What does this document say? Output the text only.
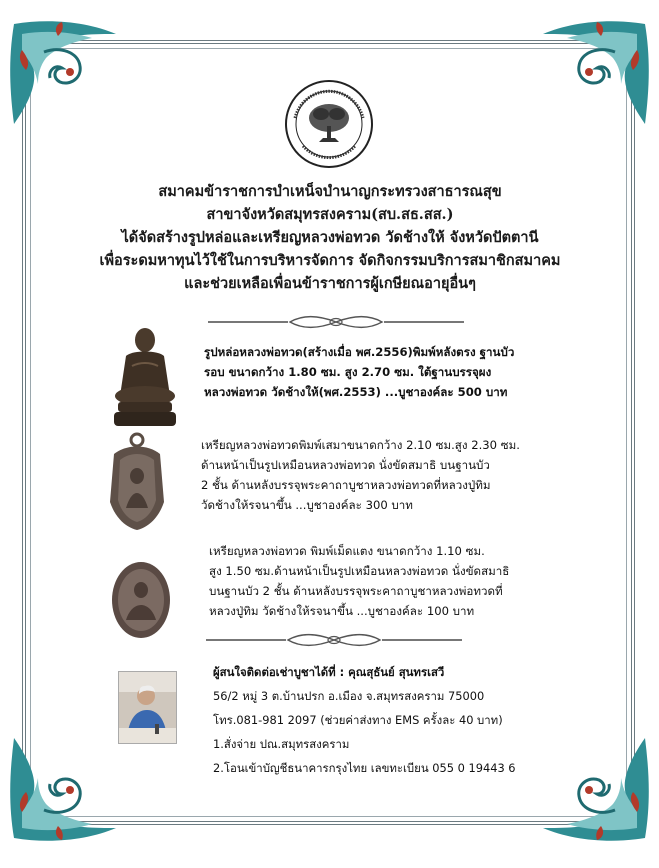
สมาคมข้าราชการบำเหน็จบำนาญกระทรวงสาธารณสุข
สาขาจังหวัดสมุทรสงคราม(สบ.สธ.สส.)
ได้จัดสร้างรูปหล่อและเหรียญหลวงพ่อทวด วัดช้างให้ จังหวัดปัตตานี
เพื่อระดมหาทุนไว้ใช้ในการบริหารจัดการ จัดกิจกรรมบริการสมาชิกสมาคม
และช่วยเหลือเพื่อนข้าราชการผู้เกษียณอายุอื่นๆ
รูปหล่อหลวงพ่อทวด(สร้างเมื่อ พศ.2556)พิมพ์หลังตรง ฐานบัว
รอบ ขนาดกว้าง 1.80 ซม. สูง 2.70 ซม. ใต้ฐานบรรจุผง
หลวงพ่อทวด วัดช้างให้(พศ.2553) ...บูชาองค์ละ 500 บาท
เหรียญหลวงพ่อทวดพิมพ์เสมาขนาดกว้าง 2.10 ซม.สูง 2.30 ซม.
ด้านหน้าเป็นรูปเหมือนหลวงพ่อทวด นั่งขัดสมาธิ บนฐานบัว
2 ชั้น ด้านหลังบรรจุพระคาถาบูชาหลวงพ่อทวดที่หลวงปู่ทิม
วัดช้างให้รจนาขึ้น ...บูชาองค์ละ 300 บาท
เหรียญหลวงพ่อทวด พิมพ์เม็ดแตง ขนาดกว้าง 1.10 ซม.
สูง 1.50 ซม.ด้านหน้าเป็นรูปเหมือนหลวงพ่อทวด นั่งขัดสมาธิ
บนฐานบัว 2 ชั้น ด้านหลังบรรจุพระคาถาบูชาหลวงพ่อทวดที่
หลวงปู่ทิม วัดช้างให้รจนาขึ้น ...บูชาองค์ละ 100 บาท
ผู้สนใจติดต่อเช่าบูชาได้ที่ : คุณสุธันย์ สุนทรเสวี
56/2 หมู่ 3 ต.บ้านปรก อ.เมือง จ.สมุทรสงคราม 75000
โทร.081-981 2097 (ช่วยค่าส่งทาง EMS ครั้งละ 40 บาท)
1.สั่งจ่าย ปณ.สมุทรสงคราม
2.โอนเข้าบัญชีธนาคารกรุงไทย เลขทะเบียน 055 0 19443 6
